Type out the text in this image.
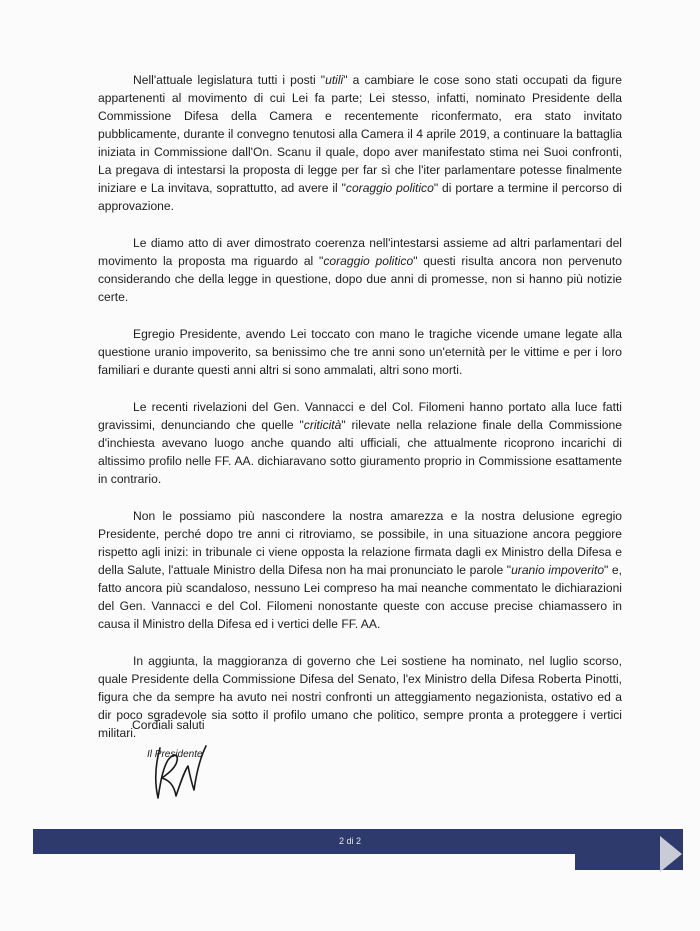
Nell'attuale legislatura tutti i posti "utili" a cambiare le cose sono stati occupati da figure appartenenti al movimento di cui Lei fa parte; Lei stesso, infatti, nominato Presidente della Commissione Difesa della Camera e recentemente riconfermato, era stato invitato pubblicamente, durante il convegno tenutosi alla Camera il 4 aprile 2019, a continuare la battaglia iniziata in Commissione dall'On. Scanu il quale, dopo aver manifestato stima nei Suoi confronti, La pregava di intestarsi la proposta di legge per far sì che l'iter parlamentare potesse finalmente iniziare e La invitava, soprattutto, ad avere il "coraggio politico" di portare a termine il percorso di approvazione.

Le diamo atto di aver dimostrato coerenza nell'intestarsi assieme ad altri parlamentari del movimento la proposta ma riguardo al "coraggio politico" questi risulta ancora non pervenuto considerando che della legge in questione, dopo due anni di promesse, non si hanno più notizie certe.

Egregio Presidente, avendo Lei toccato con mano le tragiche vicende umane legate alla questione uranio impoverito, sa benissimo che tre anni sono un'eternità per le vittime e per i loro familiari e durante questi anni altri si sono ammalati, altri sono morti.

Le recenti rivelazioni del Gen. Vannacci e del Col. Filomeni hanno portato alla luce fatti gravissimi, denunciando che quelle "criticità" rilevate nella relazione finale della Commissione d'inchiesta avevano luogo anche quando alti ufficiali, che attualmente ricoprono incarichi di altissimo profilo nelle FF. AA. dichiaravano sotto giuramento proprio in Commissione esattamente in contrario.

Non le possiamo più nascondere la nostra amarezza e la nostra delusione egregio Presidente, perché dopo tre anni ci ritroviamo, se possibile, in una situazione ancora peggiore rispetto agli inizi: in tribunale ci viene opposta la relazione firmata dagli ex Ministro della Difesa e della Salute, l'attuale Ministro della Difesa non ha mai pronunciato le parole "uranio impoverito" e, fatto ancora più scandaloso, nessuno Lei compreso ha mai neanche commentato le dichiarazioni del Gen. Vannacci e del Col. Filomeni nonostante queste con accuse precise chiamassero in causa il Ministro della Difesa ed i vertici delle FF. AA.

In aggiunta, la maggioranza di governo che Lei sostiene ha nominato, nel luglio scorso, quale Presidente della Commissione Difesa del Senato, l'ex Ministro della Difesa Roberta Pinotti, figura che da sempre ha avuto nei nostri confronti un atteggiamento negazionista, ostativo ed a dir poco sgradevole sia sotto il profilo umano che politico, sempre pronta a proteggere i vertici militari.

Cordiali saluti
Il Presidente
2 di 2
